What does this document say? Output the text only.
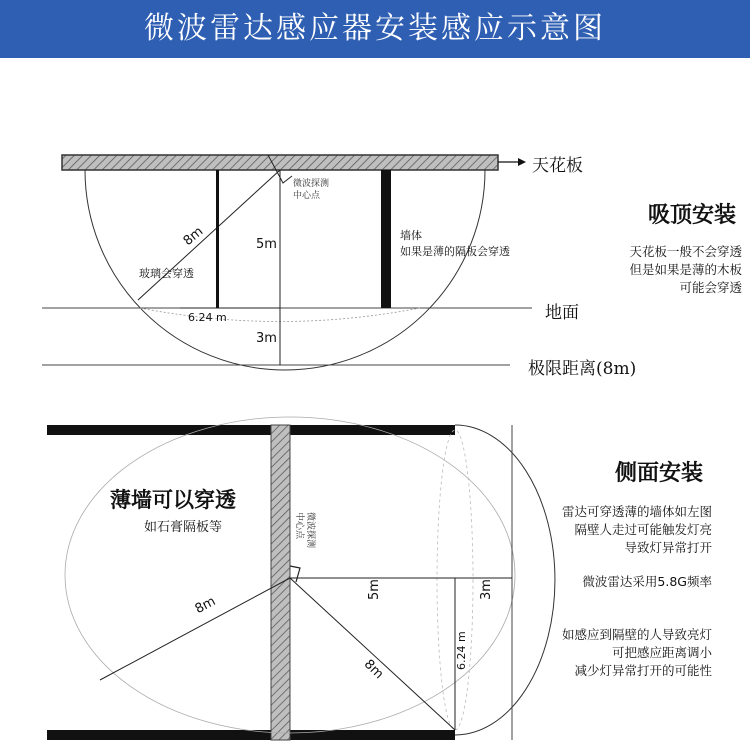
微波雷达感应器安装感应示意图
天花板
地面
极限距离(8m)
吸顶安装
天花板一般不会穿透
但是如果是薄的木板
可能会穿透
微波探测
中心点
8m	5m
3m
6.24 m
玻璃会穿透
墙体
如果是薄的隔板会穿透
侧面安装
薄墙可以穿透
如石膏隔板等	微波探测
中心点
8m
8m
5m	3m
6.24 m
雷达可穿透薄的墙体如左图
隔壁人走过可能触发灯亮
导致灯异常打开
微波雷达采用5.8G频率
如感应到隔壁的人导致亮灯
可把感应距离调小
减少灯异常打开的可能性
